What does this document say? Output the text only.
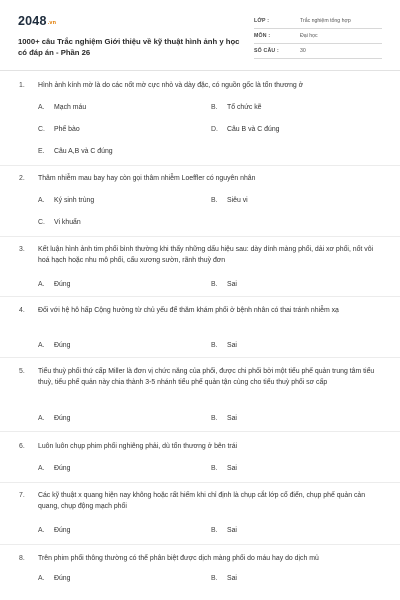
2048.vn
1000+ câu Trắc nghiệm Giới thiệu về kỹ thuật hình ảnh y học có đáp án - Phần 26
LỚP :	Trắc nghiệm tổng hợp
MÔN :	Đại học
SỐ CÂU :	30
1. Hình ảnh kính mờ là do các nốt mờ cực nhỏ và dày đặc, có nguồn gốc là tổn thương ở
A. Mạch máu	B. Tổ chức kẽ
C. Phế bào	D. Câu B và C đúng
E. Câu A,B và C đúng
2. Thâm nhiễm mau bay hay còn gọi thâm nhiễm Loeffler có nguyên nhân
A. Ký sinh trùng	B. Siêu vi
C. Vi khuẩn
3. Kết luận hình ảnh tim phổi bình thường khi thấy những dấu hiệu sau: dày dính màng phổi, dải xơ phổi, nốt vôi hoá hạch hoặc nhu mô phổi, cấu xương sườn, rãnh thuỳ đơn
A. Đúng	B. Sai
4. Đối với hệ hô hấp Cộng hưởng từ chủ yếu để thăm khám phổi ở bệnh nhân có thai tránh nhiễm xạ
A. Đúng	B. Sai
5. Tiểu thuỳ phổi thứ cấp Miller là đơn vị chức năng của phổi, được chi phối bởi một tiểu phế quản trung tâm tiểu thuỳ, tiểu phế quản này chia thành 3-5 nhánh tiểu phế quản tận cùng cho tiểu thuỳ phổi sơ cấp
A. Đúng	B. Sai
6. Luôn luôn chụp phim phổi nghiêng phải, dù tổn thương ở bên trái
A. Đúng	B. Sai
7. Các kỹ thuật x quang hiện nay không hoặc rất hiếm khi chỉ định là chụp cắt lớp cổ điển, chụp phế quản cản quang, chụp động mạch phổi
A. Đúng	B. Sai
8. Trên phim phổi thông thường có thể phân biệt được dịch màng phổi do máu hay do dịch mủ
A. Đúng	B. Sai
